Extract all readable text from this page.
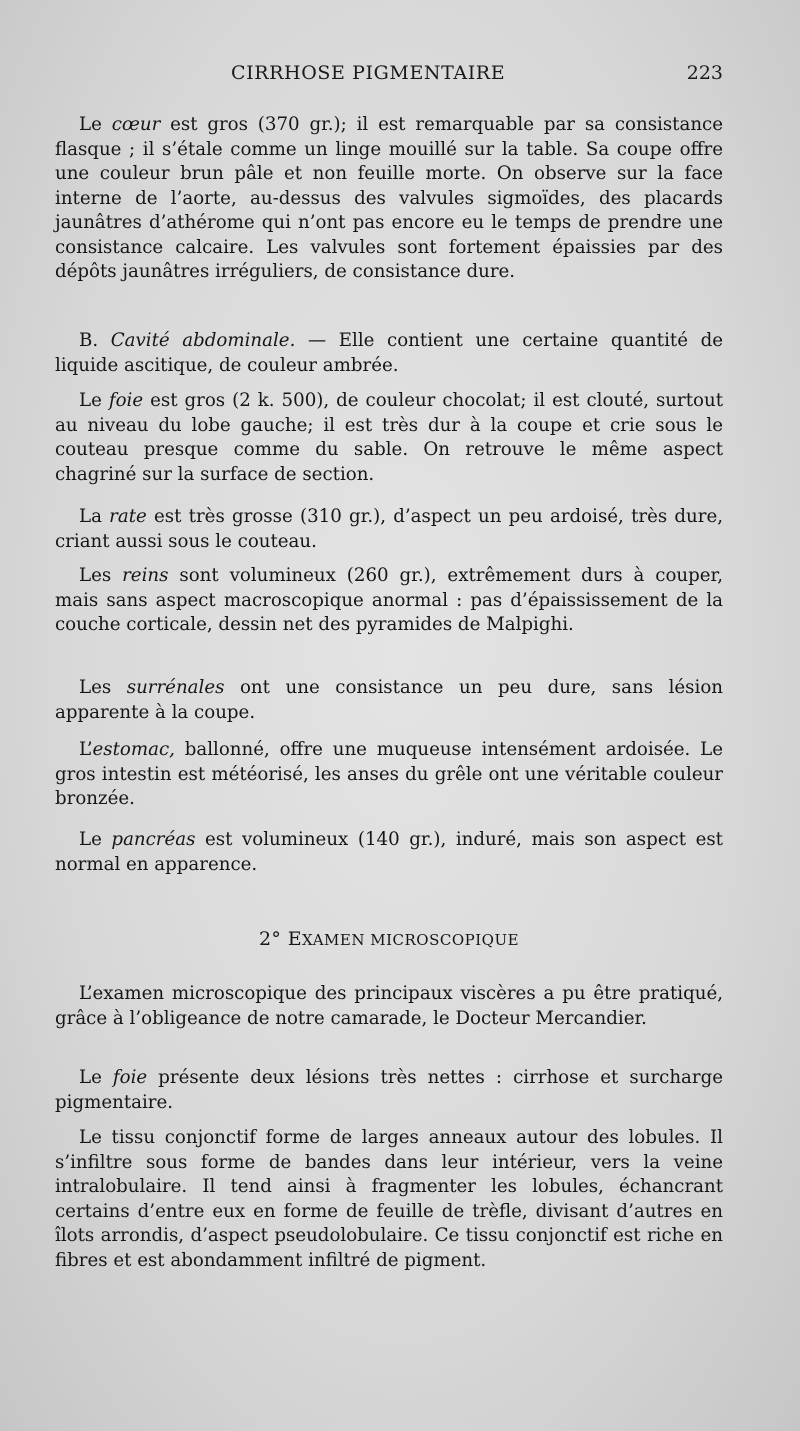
CIRRHOSE PIGMENTAIRE	223

Le cœur est gros (370 gr.); il est remarquable par sa consistance flasque ; il s’étale comme un linge mouillé sur la table. Sa coupe offre une couleur brun pâle et non feuille morte. On observe sur la face interne de l’aorte, au-dessus des valvules sigmoïdes, des placards jaunâtres d’athérome qui n’ont pas encore eu le temps de prendre une consistance calcaire. Les valvules sont fortement épaissies par des dépôts jaunâtres irréguliers, de consistance dure.

B. Cavité abdominale. — Elle contient une certaine quantité de liquide ascitique, de couleur ambrée.

Le foie est gros (2 k. 500), de couleur chocolat; il est clouté, surtout au niveau du lobe gauche; il est très dur à la coupe et crie sous le couteau presque comme du sable. On retrouve le même aspect chagriné sur la surface de section.

La rate est très grosse (310 gr.), d’aspect un peu ardoisé, très dure, criant aussi sous le couteau.

Les reins sont volumineux (260 gr.), extrêmement durs à couper, mais sans aspect macroscopique anormal : pas d’épaississement de la couche corticale, dessin net des pyramides de Malpighi.

Les surrénales ont une consistance un peu dure, sans lésion apparente à la coupe.

L’estomac, ballonné, offre une muqueuse intensément ardoisée. Le gros intestin est météorisé, les anses du grêle ont une véritable couleur bronzée.

Le pancréas est volumineux (140 gr.), induré, mais son aspect est normal en apparence.

2° EXAMEN MICROSCOPIQUE

L’examen microscopique des principaux viscères a pu être pratiqué, grâce à l’obligeance de notre camarade, le Docteur Mercandier.

Le foie présente deux lésions très nettes : cirrhose et surcharge pigmentaire.

Le tissu conjonctif forme de larges anneaux autour des lobules. Il s’infiltre sous forme de bandes dans leur intérieur, vers la veine intralobulaire. Il tend ainsi à fragmenter les lobules, échancrant certains d’entre eux en forme de feuille de trèfle, divisant d’autres en îlots arrondis, d’aspect pseudolobulaire. Ce tissu conjonctif est riche en fibres et est abondamment infiltré de pigment.
